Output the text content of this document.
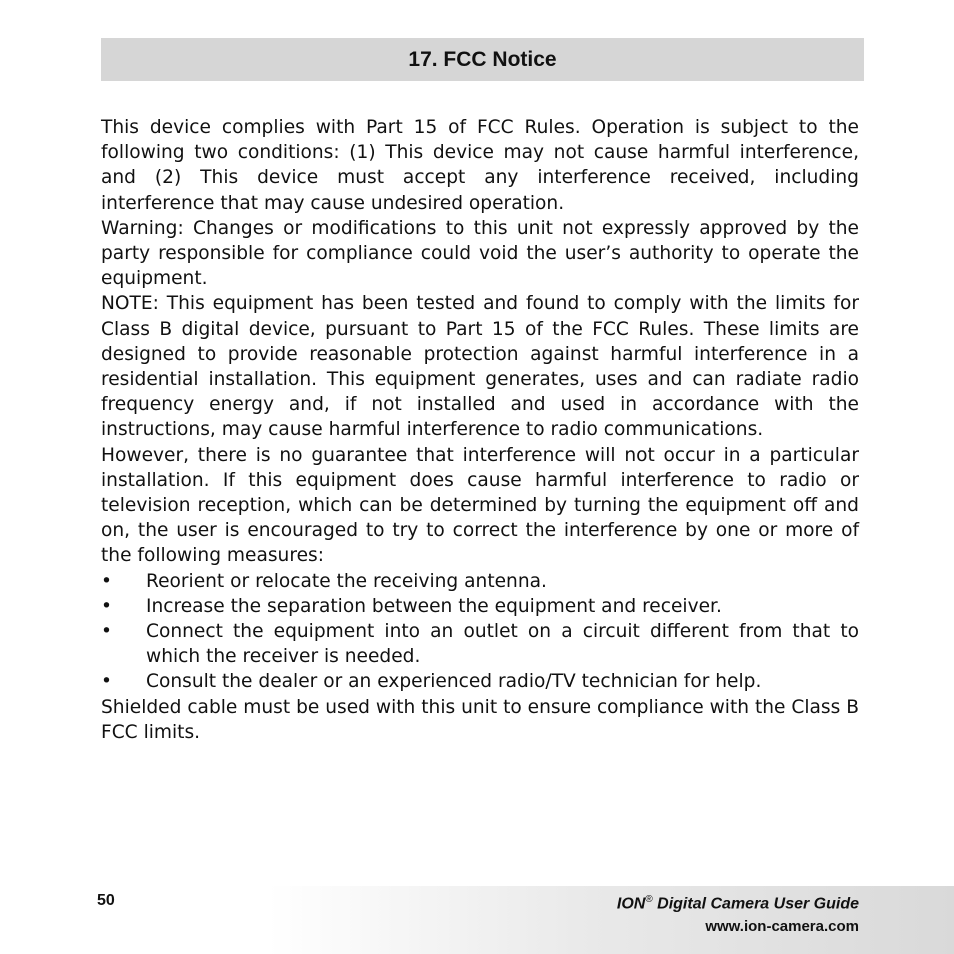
17. FCC Notice

This device complies with Part 15 of FCC Rules. Operation is subject to the following two conditions: (1) This device may not cause harmful interference, and (2) This device must accept any interference received, including interference that may cause undesired operation.

Warning: Changes or modifications to this unit not expressly approved by the party responsible for compliance could void the user’s authority to operate the equipment.

NOTE: This equipment has been tested and found to comply with the limits for Class B digital device, pursuant to Part 15 of the FCC Rules. These limits are designed to provide reasonable protection against harmful interference in a residential installation. This equipment generates, uses and can radiate radio frequency energy and, if not installed and used in accordance with the instructions, may cause harmful interference to radio communications.

However, there is no guarantee that interference will not occur in a particular installation. If this equipment does cause harmful interference to radio or television reception, which can be determined by turning the equipment off and on, the user is encouraged to try to correct the interference by one or more of the following measures:

•	Reorient or relocate the receiving antenna.
•	Increase the separation between the equipment and receiver.
•	Connect the equipment into an outlet on a circuit different from that to which the receiver is needed.
•	Consult the dealer or an experienced radio/TV technician for help.

Shielded cable must be used with this unit to ensure compliance with the Class B FCC limits.

50	ION® Digital Camera User Guide
www.ion-camera.com
